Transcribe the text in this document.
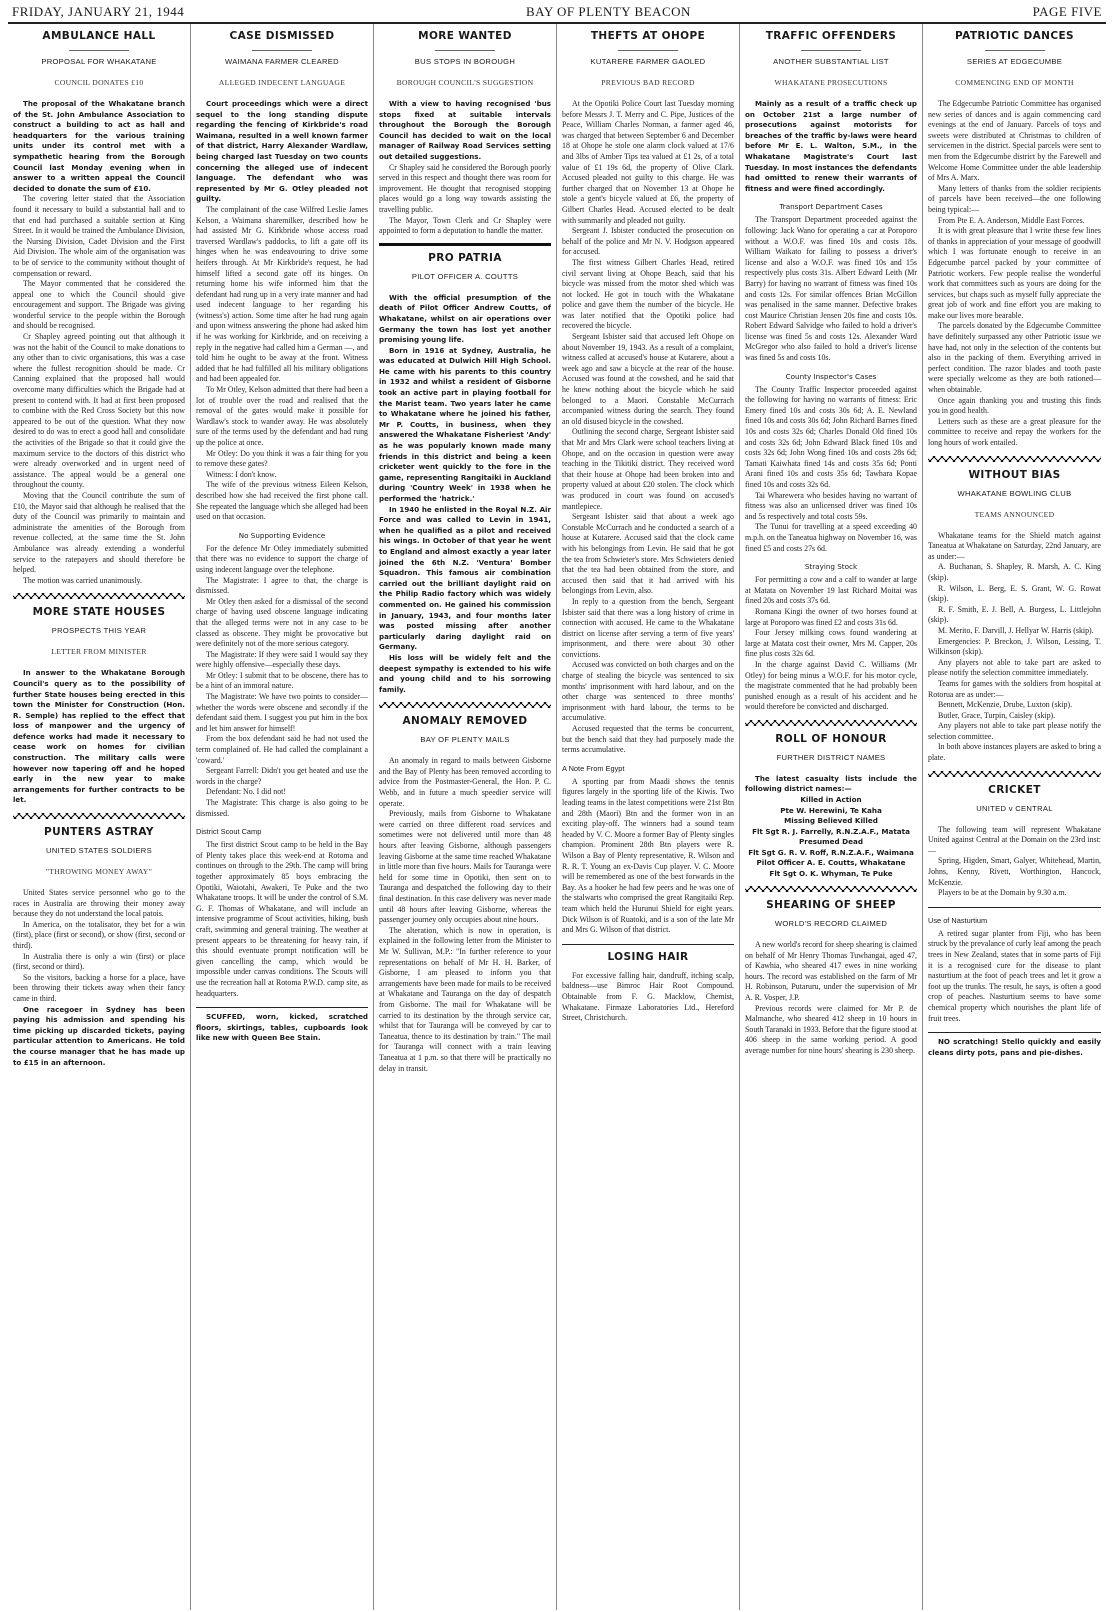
FRIDAY, JANUARY 21, 1944	BAY OF PLENTY BEACON	PAGE FIVE
AMBULANCE HALL
PROPOSAL FOR WHAKATANE
COUNCIL DONATES £10

The proposal of the Whakatane branch of the St. John Ambulance Association to construct a building to act as hall and headquarters for the various training units under its control met with a sympathetic hearing from the Borough Council last Monday evening when in answer to a written appeal the Council decided to donate the sum of £10.

The covering letter stated that the Association found it necessary to build a substantial hall and to that end had purchased a suitable section at King Street. In it would be trained the Ambulance Division, the Nursing Division, Cadet Division and the First Aid Division. The whole aim of the organisation was to be of service to the community without thought of compensation or reward.

The Mayor commented that he considered the appeal one to which the Council should give encouragement and support. The Brigade was giving wonderful service to the people within the Borough and should be recognised.

Cr Shapley agreed pointing out that although it was not the habit of the Council to make donations to any other than to civic organisations, this was a case where the fullest recognition should be made. Cr Canning explained that the proposed hall would overcome many difficulties which the Brigade had at present to contend with. It had at first been proposed to combine with the Red Cross Society but this now appeared to be out of the question. What they now desired to do was to erect a good hall and consolidate the activities of the Brigade so that it could give the maximum service to the doctors of this district who were already overworked and in urgent need of assistance. The appeal would be a general one throughout the county.

Moving that the Council contribute the sum of £10, the Mayor said that although he realised that the duty of the Council was primarily to maintain and administrate the amenities of the Borough from revenue collected, at the same time the St. John Ambulance was already extending a wonderful service to the ratepayers and should therefore be helped.

The motion was carried unanimously.

MORE STATE HOUSES
PROSPECTS THIS YEAR
LETTER FROM MINISTER

In answer to the Whakatane Borough Council's query as to the possibility of further State houses being erected in this town the Minister for Construction (Hon. R. Semple) has replied to the effect that loss of manpower and the urgency of defence works had made it necessary to cease work on homes for civilian construction. The military calls were however now tapering off and he hoped early in the new year to make arrangements for further contracts to be let.

PUNTERS ASTRAY
UNITED STATES SOLDIERS
"THROWING MONEY AWAY"

United States service personnel who go to the races in Australia are throwing their money away because they do not understand the local patois.

In America, on the totalisator, they bet for a win (first), place (first or second), or show (first, second or third).

In Australia there is only a win (first) or place (first, second or third).

So the visitors, backing a horse for a place, have been throwing their tickets away when their fancy came in third.

One racegoer in Sydney has been paying his admission and spending his time picking up discarded tickets, paying particular attention to Americans. He told the course manager that he has made up to £15 in an afternoon.

CASE DISMISSED
WAIMANA FARMER CLEARED
ALLEGED INDECENT LANGUAGE

Court proceedings which were a direct sequel to the long standing dispute regarding the fencing of Kirkbride's road Waimana, resulted in a well known farmer of that district, Harry Alexander Wardlaw, being charged last Tuesday on two counts concerning the alleged use of indecent language. The defendant who was represented by Mr G. Otley pleaded not guilty.

The complainant of the case Wilfred Leslie James Kelson, a Waimana sharemilker, described how he had assisted Mr G. Kirkbride whose access road traversed Wardlaw's paddocks, to lift a gate off its hinges when he was endeavouring to drive some heifers through. At Mr Kirkbride's request, he had himself lifted a second gate off its hinges. On returning home his wife informed him that the defendant had rung up in a very irate manner and had used indecent language to her regarding his (witness's) action. Some time after he had rung again and upon witness answering the phone had asked him if he was working for Kirkbride, and on receiving a reply in the negative had called him a German —, and told him he ought to be away at the front. Witness added that he had fulfilled all his military obligations and had been appealed for.

To Mr Otley, Kelson admitted that there had been a lot of trouble over the road and realised that the removal of the gates would make it possible for Wardlaw's stock to wander away. He was absolutely sure of the terms used by the defendant and had rung up the police at once.

Mr Otley: Do you think it was a fair thing for you to remove these gates?

Witness: I don't know.

The wife of the previous witness Eileen Kelson, described how she had received the first phone call. She repeated the language which she alleged had been used on that occasion.

No Supporting Evidence

For the defence Mr Otley immediately submitted that there was no evidence to support the charge of using indecent language over the telephone.

The Magistrate: I agree to that, the charge is dismissed.

Mr Otley then asked for a dismissal of the second charge of having used obscene language indicating that the alleged terms were not in any case to be classed as obscene. They might be provocative but were definitely not of the more serious category.

The Magistrate: If they were said I would say they were highly offensive—especially these days.

Mr Otley: I submit that to be obscene, there has to be a hint of an immoral nature.

The Magistrate: We have two points to consider—whether the words were obscene and secondly if the defendant said them. I suggest you put him in the box and let him answer for himself!

From the box defendant said he had not used the term complained of. He had called the complainant a 'coward.'

Sergeant Farrell: Didn't you get heated and use the words in the charge?

Defendant: No. I did not!

The Magistrate: This charge is also going to be dismissed.

District Scout Camp

The first district Scout camp to be held in the Bay of Plenty takes place this week-end at Rotoma and continues on through to the 29th. The camp will bring together approximately 85 boys embracing the Opotiki, Waiotahi, Awakeri, Te Puke and the two Whakatane troops. It will be under the control of S.M. G. F. Thomas of Whakatane, and will include an intensive programme of Scout activities, hiking, bush craft, swimming and general training. The weather at present appears to be threatening for heavy rain, if this should eventuate prompt notification will be given cancelling the camp, which would be impossible under canvas conditions. The Scouts will use the recreation hall at Rotoma P.W.D. camp site, as headquarters.

SCUFFED, worn, kicked, scratched floors, skirtings, tables, cupboards look like new with Queen Bee Stain.

MORE WANTED
BUS STOPS IN BOROUGH
BOROUGH COUNCIL'S SUGGESTION

With a view to having recognised 'bus stops fixed at suitable intervals throughout the Borough the Borough Council has decided to wait on the local manager of Railway Road Services setting out detailed suggestions.

Cr Shapley said he considered the Borough poorly served in this respect and thought there was room for improvement. He thought that recognised stopping places would go a long way towards assisting the travelling public.

The Mayor, Town Clerk and Cr Shapley were appointed to form a deputation to handle the matter.

PRO PATRIA
PILOT OFFICER A. COUTTS

With the official presumption of the death of Pilot Officer Andrew Coutts, of Whakatane, whilst on air operations over Germany the town has lost yet another promising young life.

Born in 1916 at Sydney, Australia, he was educated at Dulwich Hill High School. He came with his parents to this country in 1932 and whilst a resident of Gisborne took an active part in playing football for the Marist team. Two years later he came to Whakatane where he joined his father, Mr P. Coutts, in business, when they answered the Whakatane Fisheriest 'Andy' as he was popularly known made many friends in this district and being a keen cricketer went quickly to the fore in the game, representing Rangitaiki in Auckland during 'Country Week' in 1938 when he performed the 'hatrick.'

In 1940 he enlisted in the Royal N.Z. Air Force and was called to Levin in 1941, when he qualified as a pilot and received his wings. In October of that year he went to England and almost exactly a year later joined the 6th N.Z. 'Ventura' Bomber Squadron. This famous air combination carried out the brilliant daylight raid on the Philip Radio factory which was widely commented on. He gained his commission in January, 1943, and four months later was posted missing after another particularly daring daylight raid on Germany.

His loss will be widely felt and the deepest sympathy is extended to his wife and young child and to his sorrowing family.

ANOMALY REMOVED
BAY OF PLENTY MAILS

An anomaly in regard to mails between Gisborne and the Bay of Plenty has been removed according to advice from the Postmaster-General, the Hon. P. C. Webb, and in future a much speedier service will operate.

Previously, mails from Gisborne to Whakatane were carried on three different road services and sometimes were not delivered until more than 48 hours after leaving Gisborne, although passengers leaving Gisborne at the same time reached Whakatane in little more than five hours. Mails for Tauranga were held for some time in Opotiki, then sent on to Tauranga and despatched the following day to their final destination. In this case delivery was never made until 48 hours after leaving Gisborne, whereas the passenger journey only occupies about nine hours.

The alteration, which is now in operation, is explained in the following letter from the Minister to Mr W. Sullivan, M.P.: "In further reference to your representations on behalf of Mr H. H. Barker, of Gisborne, I am pleased to inform you that arrangements have been made for mails to be received at Whakatane and Tauranga on the day of despatch from Gisborne. The mail for Whakatane will be carried to its destination by the through service car, whilst that for Tauranga will be conveyed by car to Taneatua, thence to its destination by train." The mail for Tauranga will connect with a train leaving Taneatua at 1 p.m. so that there will be practically no delay in transit.

THEFTS AT OHOPE
KUTARERE FARMER GAOLED
PREVIOUS BAD RECORD

At the Opotiki Police Court last Tuesday morning before Messrs J. T. Merry and C. Pipe, Justices of the Peace, William Charles Norman, a farmer aged 46, was charged that between September 6 and December 18 at Ohope he stole one alarm clock valued at 17/6 and 3lbs of Amber Tips tea valued at £1 2s, of a total value of £1 19s 6d, the property of Olive Clark. Accused pleaded not guilty to this charge. He was further charged that on November 13 at Ohope he stole a gent's bicycle valued at £6, the property of Gilbert Charles Head. Accused elected to be dealt with summarily and pleaded not guilty.

Sergeant J. Isbister conducted the prosecution on behalf of the police and Mr N. V. Hodgson appeared for accused.

The first witness Gilbert Charles Head, retired civil servant living at Ohope Beach, said that his bicycle was missed from the motor shed which was not locked. He got in touch with the Whakatane police and gave them the number of the bicycle. He was later notified that the Opotiki police had recovered the bicycle.

Sergeant Isbister said that accused left Ohope on about November 19, 1943. As a result of a complaint, witness called at accused's house at Kutarere, about a week ago and saw a bicycle at the rear of the house. Accused was found at the cowshed, and he said that he knew nothing about the bicycle which he said belonged to a Maori. Constable McCurrach accompanied witness during the search. They found an old disused bicycle in the cowshed.

Outlining the second charge, Sergeant Isbister said that Mr and Mrs Clark were school teachers living at Ohope, and on the occasion in question were away teaching in the Tikitiki district. They received word that their house at Ohope had been broken into and property valued at about £20 stolen. The clock which was produced in court was found on accused's mantlepiece.

Sergeant Isbister said that about a week ago Constable McCurrach and he conducted a search of a house at Kutarere. Accused said that the clock came with his belongings from Levin. He said that he got the tea from Schwieter's store. Mrs Schwieters denied that the tea had been obtained from the store, and accused then said that it had arrived with his belongings from Levin, also.

In reply to a question from the bench, Sergeant Isbister said that there was a long history of crime in connection with accused. He came to the Whakatane district on license after serving a term of five years' imprisonment, and there were about 30 other convictions.

Accused was convicted on both charges and on the charge of stealing the bicycle was sentenced to six months' imprisonment with hard labour, and on the other charge was sentenced to three months' imprisonment with hard labour, the terms to be accumulative.

Accused requested that the terms be concurrent, but the bench said that they had purposely made the terms accumulative.

A Note From Egypt

A sporting par from Maadi shows the tennis figures largely in the sporting life of the Kiwis. Two leading teams in the latest competitions were 21st Btn and 28th (Maori) Btn and the former won in an exciting play-off. The winners had a sound team headed by V. C. Moore a former Bay of Plenty singles champion. Prominent 28th Btn players were R. Wilson a Bay of Plenty representative, R. Wilson and R. R. T. Young an ex-Davis Cup player. V. C. Moore will be remembered as one of the best forwards in the Bay. As a hooker he had few peers and he was one of the stalwarts who comprised the great Rangitaiki Rep. team which held the Hurunui Shield for eight years. Dick Wilson is of Ruatoki, and is a son of the late Mr and Mrs G. Wilson of that district.

LOSING HAIR

For excessive falling hair, dandruff, itching scalp, baldness—use Bimroc Hair Root Compound. Obtainable from F. G. Macklow, Chemist, Whakatane. Firmaze Laboratories Ltd., Hereford Street, Christchurch.

TRAFFIC OFFENDERS
ANOTHER SUBSTANTIAL LIST
WHAKATANE PROSECUTIONS

Mainly as a result of a traffic check up on October 21st a large number of prosecutions against motorists for breaches of the traffic by-laws were heard before Mr E. L. Walton, S.M., in the Whakatane Magistrate's Court last Tuesday. In most instances the defendants had omitted to renew their warrants of fitness and were fined accordingly.

Transport Department Cases

The Transport Department proceeded against the following: Jack Wano for operating a car at Poroporo without a W.O.F. was fined 10s and costs 18s. William Waikato for failing to possess a driver's license and also a W.O.F. was fined 10s and 15s respectively plus costs 31s. Albert Edward Leith (Mr Barry) for having no warrant of fitness was fined 10s and costs 12s. For similar offences Brian McGillon was penalised in the same manner. Defective brakes cost Maurice Christian Jensen 20s fine and costs 10s. Robert Edward Salvidge who failed to hold a driver's license was fined 5s and costs 12s. Alexander Ward McGregor who also failed to hold a driver's license was fined 5s and costs 10s.

County Inspector's Cases

The County Traffic Inspector proceeded against the following for having no warrants of fitness: Eric Emery fined 10s and costs 30s 6d; A. E. Newland fined 10s and costs 30s 6d; John Richard Barnes fined 10s and costs 32s 6d; Charles Donald Old fined 10s and costs 32s 6d; John Edward Black fined 10s and costs 32s 6d; John Wong fined 10s and costs 28s 6d; Tamati Kaiwhata fined 14s and costs 35s 6d; Ponti Arani fined 10s and costs 35s 6d; Tawhara Kopae fined 10s and costs 32s 6d.

Tai Wharewera who besides having no warrant of fitness was also an unlicensed driver was fined 10s and 5s respectively and total costs 59s.

The Tunui for travelling at a speed exceeding 40 m.p.h. on the Taneatua highway on November 16, was fined £5 and costs 27s 6d.

Straying Stock

For permitting a cow and a calf to wander at large at Matata on November 19 last Richard Moitai was fined 20s and costs 37s 6d.

Romana Kingi the owner of two horses found at large at Poroporo was fined £2 and costs 31s 6d.

Four Jersey milking cows found wandering at large at Matata cost their owner, Mrs M. Capper, 20s fine plus costs 32s 6d.

In the charge against David C. Williams (Mr Otley) for being minus a W.O.F. for his motor cycle, the magistrate commented that he had probably been punished enough as a result of his accident and he would therefore be convicted and discharged.

ROLL OF HONOUR
FURTHER DISTRICT NAMES

The latest casualty lists include the following district names:—

Killed in Action
Pte W. Herewini, Te Kaha
Missing Believed Killed
Flt Sgt R. J. Farrelly, R.N.Z.A.F., Matata
Presumed Dead
Flt Sgt G. R. V. Roff, R.N.Z.A.F., Waimana
Pilot Officer A. E. Coutts, Whakatane
Flt Sgt O. K. Whyman, Te Puke
SHEARING OF SHEEP
WORLD'S RECORD CLAIMED

A new world's record for sheep shearing is claimed on behalf of Mr Henry Thomas Tuwhangai, aged 47, of Kawhia, who sheared 417 ewes in nine working hours. The record was established on the farm of Mr H. Robinson, Putaruru, under the supervision of Mr A. R. Vosper, J.P.

Previous records were claimed for Mr P. de Malmanche, who sheared 412 sheep in 10 hours in South Taranaki in 1933. Before that the figure stood at 406 sheep in the same working period. A good average number for nine hours' shearing is 230 sheep.

PATRIOTIC DANCES
SERIES AT EDGECUMBE
COMMENCING END OF MONTH

The Edgecumbe Patriotic Committee has organised new series of dances and is again commencing card evenings at the end of January. Parcels of toys and sweets were distributed at Christmas to children of servicemen in the district. Special parcels were sent to men from the Edgecumbe district by the Farewell and Welcome Home Committee under the able leadership of Mrs A. Marx.

Many letters of thanks from the soldier recipients of parcels have been received—the one following being typical:—

From Pte E. A. Anderson, Middle East Forces.

It is with great pleasure that I write these few lines of thanks in appreciation of your message of goodwill which I was fortunate enough to receive in an Edgecumbe parcel packed by your committee of Patriotic workers. Few people realise the wonderful work that committees such as yours are doing for the services, but chaps such as myself fully appreciate the great job of work and fine effort you are making to make our lives more bearable.

The parcels donated by the Edgecumbe Committee have definitely surpassed any other Patriotic issue we have had, not only in the selection of the contents but also in the packing of them. Everything arrived in perfect condition. The razor blades and tooth paste were specially welcome as they are both rationed—when obtainable.

Once again thanking you and trusting this finds you in good health.

Letters such as these are a great pleasure for the committee to receive and repay the workers for the long hours of work entailed.

WITHOUT BIAS
WHAKATANE BOWLING CLUB
TEAMS ANNOUNCED

Whakatane teams for the Shield match against Taneatua at Whakatane on Saturday, 22nd January, are as under:—

A. Buchanan, S. Shapley, R. Marsh, A. C. King (skip).

R. Wilson, L. Berg, E. S. Grant, W. G. Rowat (skip).

R. F. Smith, E. J. Bell, A. Burgess, L. Littlejohn (skip).

M. Merito, F. Darvill, J. Hellyar W. Harris (skip).

Emergencies: P. Breckon, J. Wilson, Lessing, T. Wilkinson (skip).

Any players not able to take part are asked to please notify the selection committee immediately.

Teams for games with the soldiers from hospital at Rotorua are as under:—

Bennett, McKenzie, Drube, Luxton (skip).

Butler, Grace, Turpin, Caisley (skip).

Any players not able to take part please notify the selection committee.

In both above instances players are asked to bring a plate.

CRICKET
UNITED v CENTRAL

The following team will represent Whakatane United against Central at the Domain on the 23rd inst:—

Spring, Higden, Smart, Galyer, Whitehead, Martin, Johns, Kenny, Rivett, Worthington, Hancock, McKenzie.

Players to be at the Domain by 9.30 a.m.

Use of Nasturtium

A retired sugar planter from Fiji, who has been struck by the prevalance of curly leaf among the peach trees in New Zealand, states that in some parts of Fiji it is a recognised cure for the disease to plant nasturtium at the foot of peach trees and let it grow a foot up the trunks. The result, he says, is often a good crop of peaches. Nasturtium seems to have some chemical property which nourishes the plant life of fruit trees.

NO scratching! Stello quickly and easily cleans dirty pots, pans and pie-dishes.
